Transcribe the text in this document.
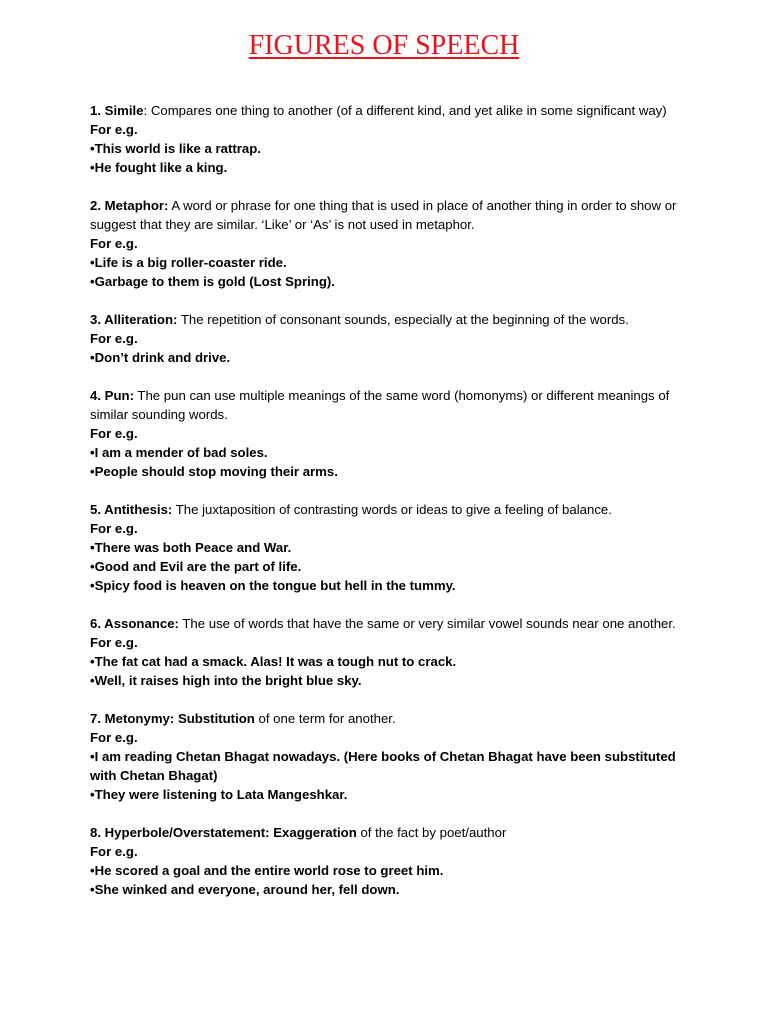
FIGURES OF SPEECH
1. Simile: Compares one thing to another (of a different kind, and yet alike in some significant way)
For e.g.
•This world is like a rattrap.
•He fought like a king.
2. Metaphor: A word or phrase for one thing that is used in place of another thing in order to show or suggest that they are similar. ‘Like’ or ‘As’ is not used in metaphor.
For e.g.
•Life is a big roller-coaster ride.
•Garbage to them is gold (Lost Spring).
3. Alliteration: The repetition of consonant sounds, especially at the beginning of the words.
For e.g.
•Don’t drink and drive.
4. Pun: The pun can use multiple meanings of the same word (homonyms) or different meanings of similar sounding words.
For e.g.
•I am a mender of bad soles.
•People should stop moving their arms.
5. Antithesis: The juxtaposition of contrasting words or ideas to give a feeling of balance.
For e.g.
•There was both Peace and War.
•Good and Evil are the part of life.
•Spicy food is heaven on the tongue but hell in the tummy.
6. Assonance: The use of words that have the same or very similar vowel sounds near one another.
For e.g.
•The fat cat had a smack. Alas! It was a tough nut to crack.
•Well, it raises high into the bright blue sky.
7. Metonymy: Substitution of one term for another.
For e.g.
•I am reading Chetan Bhagat nowadays. (Here books of Chetan Bhagat have been substituted with Chetan Bhagat)
•They were listening to Lata Mangeshkar.
8. Hyperbole/Overstatement: Exaggeration of the fact by poet/author
For e.g.
•He scored a goal and the entire world rose to greet him.
•She winked and everyone, around her, fell down.
